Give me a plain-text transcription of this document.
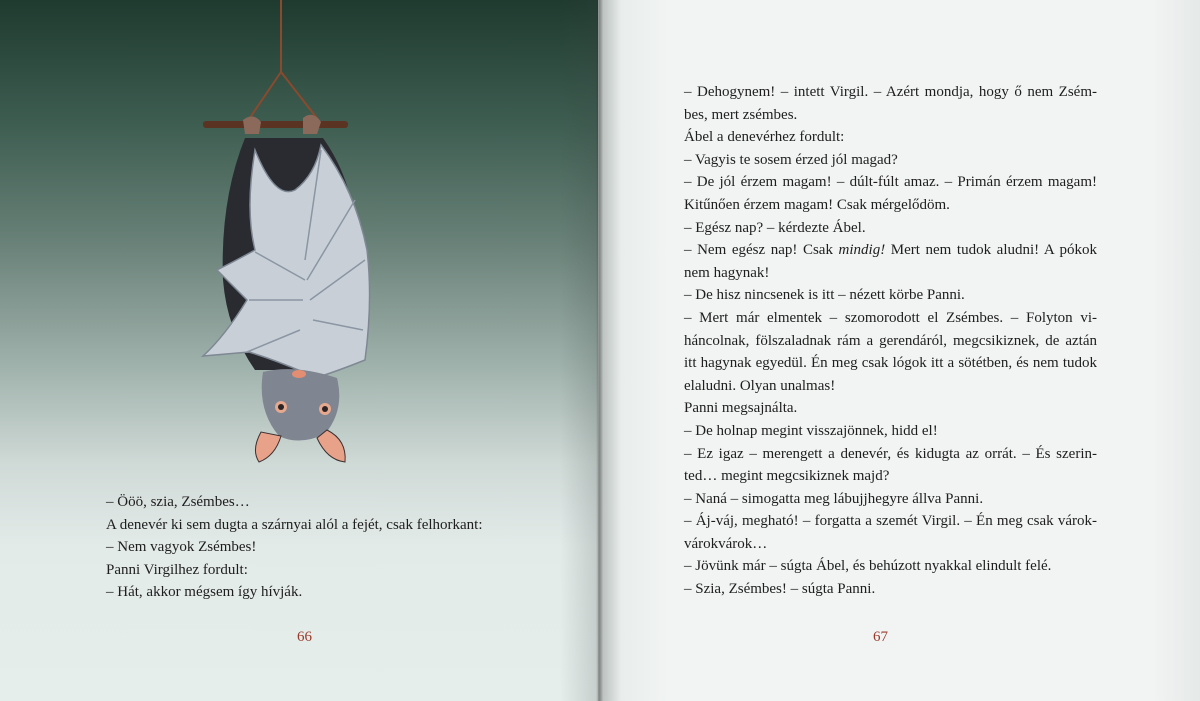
– Ööö, szia, Zsémbes…

A denevér ki sem dugta a szárnyai alól a fejét, csak felhorkant:

– Nem vagyok Zsémbes!

Panni Virgilhez fordult:

– Hát, akkor mégsem így hívják.

66

– Dehogynem! – intett Virgil. – Azért mondja, hogy ő nem Zsém-

bes, mert zsémbes.

Ábel a denevérhez fordult:

– Vagyis te sosem érzed jól magad?

– De jól érzem magam! – dúlt-fúlt amaz. – Primán érzem magam!

Kitűnően érzem magam! Csak mérgelődöm.

– Egész nap? – kérdezte Ábel.

– Nem egész nap! Csak mindig! Mert nem tudok aludni! A pókok

nem hagynak!

– De hisz nincsenek is itt – nézett körbe Panni.

– Mert már elmentek – szomorodott el Zsémbes. – Folyton vi-

háncolnak, fölszaladnak rám a gerendáról, megcsikiznek, de aztán

itt hagynak egyedül. Én meg csak lógok itt a sötétben, és nem tudok

elaludni. Olyan unalmas!

Panni megsajnálta.

– De holnap megint visszajönnek, hidd el!

– Ez igaz – merengett a denevér, és kidugta az orrát. – És szerin-

ted… megint megcsikiznek majd?

– Naná – simogatta meg lábujjhegyre állva Panni.

– Áj-váj, megható! – forgatta a szemét Virgil. – Én meg csak várok-

várokvárok…

– Jövünk már – súgta Ábel, és behúzott nyakkal elindult felé.

– Szia, Zsémbes! – súgta Panni.

67
